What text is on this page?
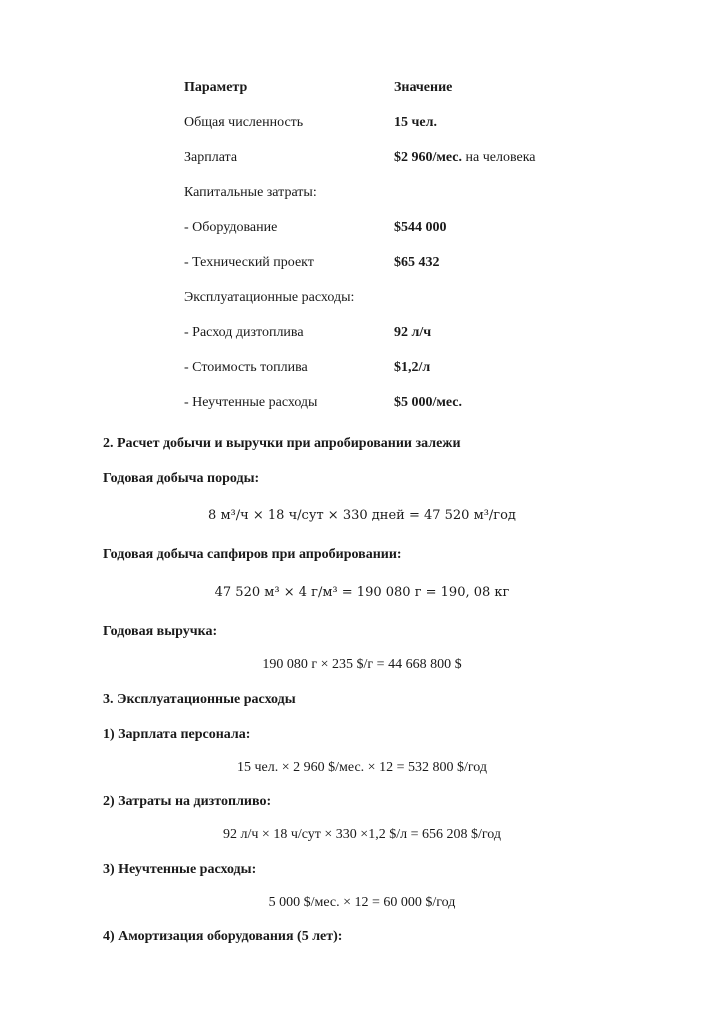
Параметр	Значение
Общая численность	15 чел.
Зарплата	$2 960/мес. на человека
Капитальные затраты:
- Оборудование	$544 000
- Технический проект	$65 432
Эксплуатационные расходы:
- Расход дизтоплива	92 л/ч
- Стоимость топлива	$1,2/л
- Неучтенные расходы	$5 000/мес.
2. Расчет добычи и выручки при апробировании залежи
Годовая добыча породы:
8 м³/ч × 18 ч/сут × 330 дней = 47 520 м³/год
Годовая добыча сапфиров при апробировании:
47 520 м³ × 4 г/м³ = 190 080 г = 190, 08 кг
Годовая выручка:
190 080 г × 235 $/г = 44 668 800 $
3. Эксплуатационные расходы
1) Зарплата персонала:
15 чел. × 2 960 $/мес. × 12 = 532 800 $/год
2) Затраты на дизтопливо:
92 л/ч × 18 ч/сут × 330 ×1,2 $/л = 656 208 $/год
3) Неучтенные расходы:
5 000 $/мес. × 12 = 60 000 $/год
4) Амортизация оборудования (5 лет):
